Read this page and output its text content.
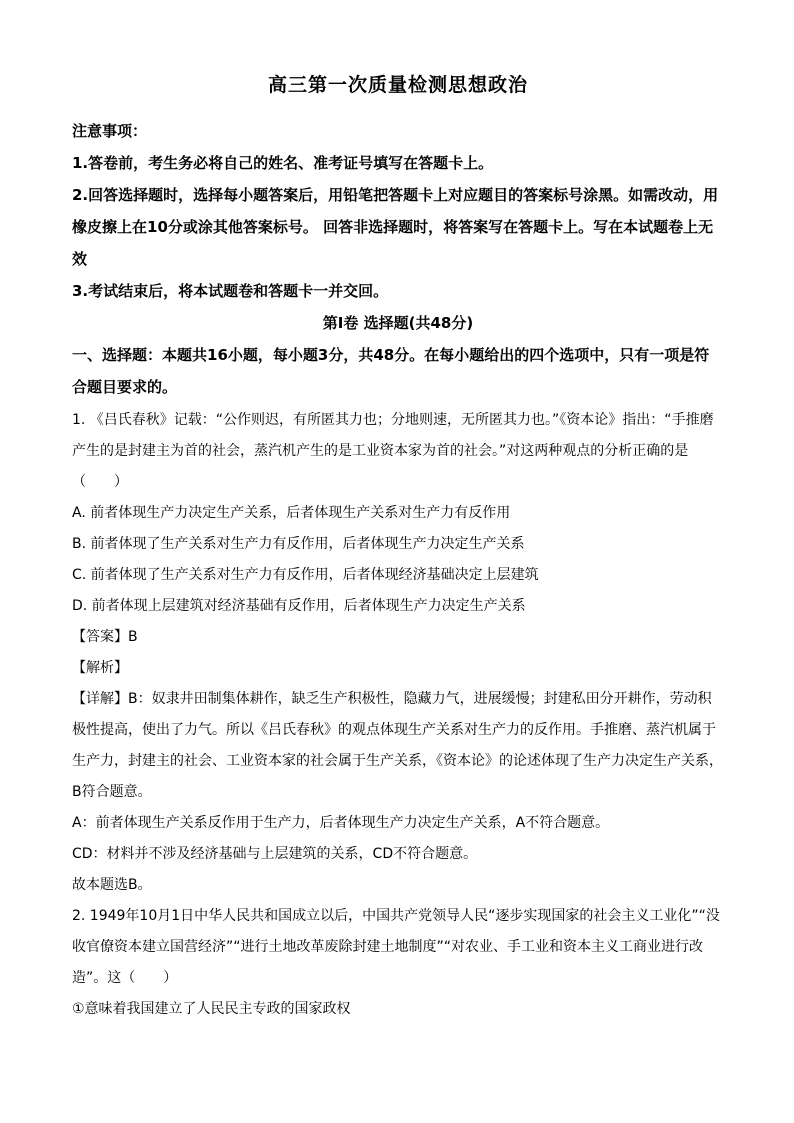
高三第一次质量检测思想政治
注意事项：
1.答卷前，考生务必将自己的姓名、准考证号填写在答题卡上。
2.回答选择题时，选择每小题答案后，用铅笔把答题卡上对应题目的答案标号涂黑。如需改动，用橡皮擦上在10分或涂其他答案标号。 回答非选择题时，将答案写在答题卡上。写在本试题卷上无效
3.考试结束后，将本试题卷和答题卡一并交回。
第Ⅰ卷 选择题(共48分)
一、选择题：本题共16小题，每小题3分，共48分。在每小题给出的四个选项中，只有一项是符合题目要求的。
1. 《吕氏春秋》记载：“公作则迟，有所匿其力也；分地则速，无所匿其力也。”《资本论》指出：“手推磨产生的是封建主为首的社会，蒸汽机产生的是工业资本家为首的社会。”对这两种观点的分析正确的是（　　）
A. 前者体现生产力决定生产关系，后者体现生产关系对生产力有反作用
B. 前者体现了生产关系对生产力有反作用，后者体现生产力决定生产关系
C. 前者体现了生产关系对生产力有反作用，后者体现经济基础决定上层建筑
D. 前者体现上层建筑对经济基础有反作用，后者体现生产力决定生产关系
【答案】B
【解析】
【详解】B：奴隶井田制集体耕作，缺乏生产积极性，隐藏力气，进展缓慢；封建私田分开耕作，劳动积极性提高，使出了力气。所以《吕氏春秋》的观点体现生产关系对生产力的反作用。手推磨、蒸汽机属于生产力，封建主的社会、工业资本家的社会属于生产关系，《资本论》的论述体现了生产力决定生产关系，B符合题意。
A：前者体现生产关系反作用于生产力，后者体现生产力决定生产关系，A不符合题意。
CD：材料并不涉及经济基础与上层建筑的关系，CD不符合题意。
故本题选B。
2. 1949年10月1日中华人民共和国成立以后，中国共产党领导人民“逐步实现国家的社会主义工业化”“没收官僚资本建立国营经济”“进行土地改革废除封建土地制度”“对农业、手工业和资本主义工商业进行改造”。这（　　）
①意味着我国建立了人民民主专政的国家政权
